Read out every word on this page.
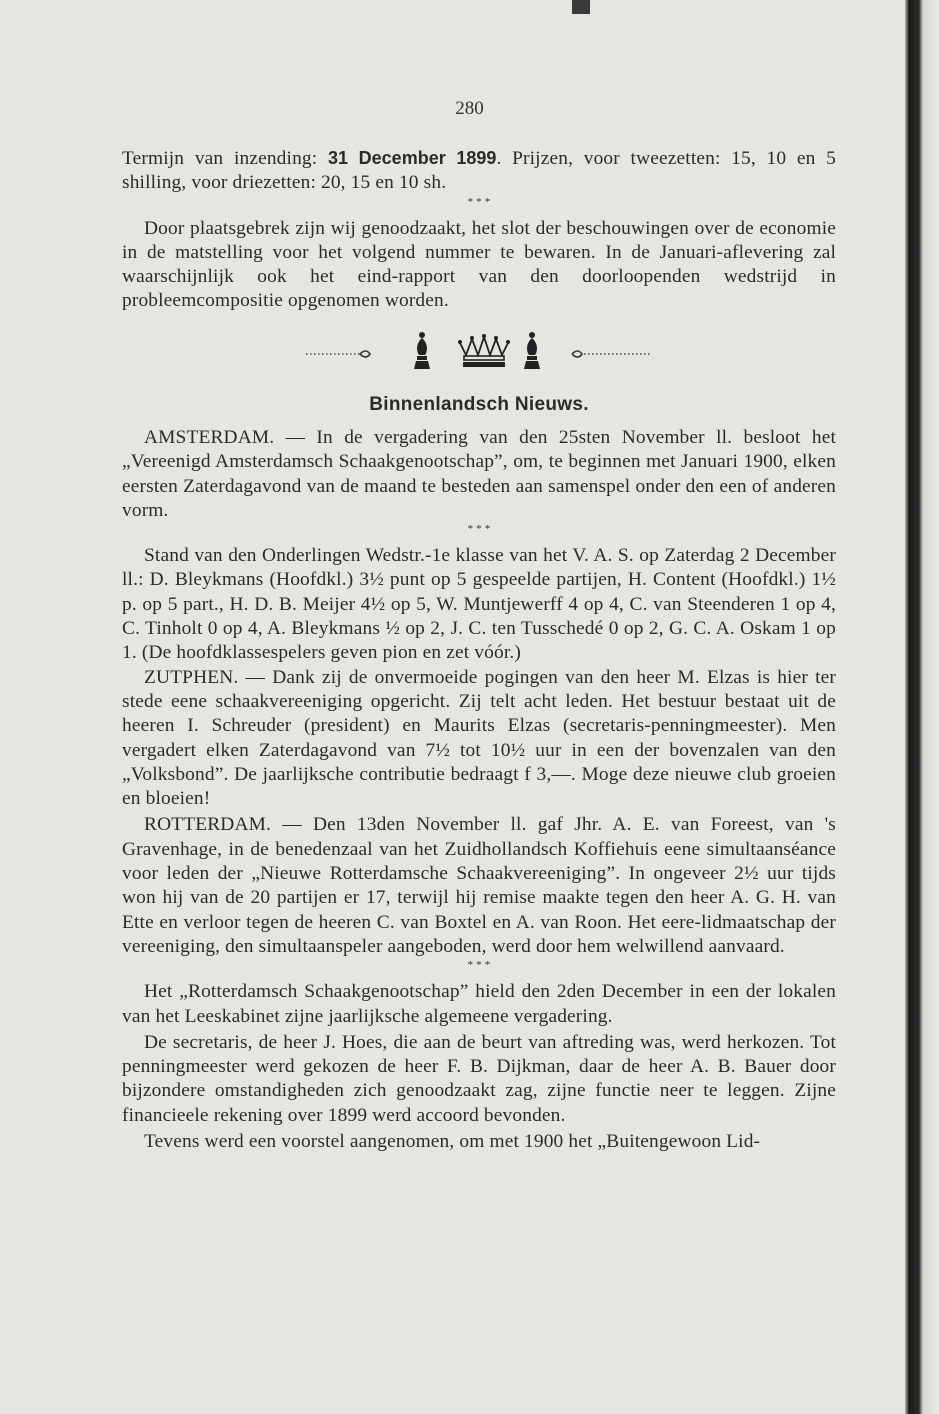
280

Termijn van inzending: 31 December 1899. Prijzen, voor tweezetten: 15, 10 en 5 shilling, voor driezetten: 20, 15 en 10 sh.

* * *

Door plaatsgebrek zijn wij genoodzaakt, het slot der beschouwingen over de economie in de matstelling voor het volgend nummer te bewaren. In de Januari-aflevering zal waarschijnlijk ook het eind-rapport van den doorloopenden wedstrijd in probleemcompositie opgenomen worden.

Binnenlandsch Nieuws.

AMSTERDAM. — In de vergadering van den 25sten November ll. besloot het „Vereenigd Amsterdamsch Schaakgenootschap”, om, te beginnen met Januari 1900, elken eersten Zaterdagavond van de maand te besteden aan samenspel onder den een of anderen vorm.

* * *

Stand van den Onderlingen Wedstr.-1e klasse van het V. A. S. op Zaterdag 2 December ll.: D. Bleykmans (Hoofdkl.) 3½ punt op 5 gespeelde partijen, H. Content (Hoofdkl.) 1½ p. op 5 part., H. D. B. Meijer 4½ op 5, W. Muntjewerff 4 op 4, C. van Steenderen 1 op 4, C. Tinholt 0 op 4, A. Bleykmans ½ op 2, J. C. ten Tusschedé 0 op 2, G. C. A. Oskam 1 op 1. (De hoofdklassespelers geven pion en zet vóór.)

ZUTPHEN. — Dank zij de onvermoeide pogingen van den heer M. Elzas is hier ter stede eene schaakvereeniging opgericht. Zij telt acht leden. Het bestuur bestaat uit de heeren I. Schreuder (president) en Maurits Elzas (secretaris-penningmeester). Men vergadert elken Zaterdagavond van 7½ tot 10½ uur in een der bovenzalen van den „Volksbond”. De jaarlijksche contributie bedraagt f 3,—. Moge deze nieuwe club groeien en bloeien!

ROTTERDAM. — Den 13den November ll. gaf Jhr. A. E. van Foreest, van 's Gravenhage, in de benedenzaal van het Zuidhollandsch Koffiehuis eene simultaanséance voor leden der „Nieuwe Rotterdamsche Schaakvereeniging”. In ongeveer 2½ uur tijds won hij van de 20 partijen er 17, terwijl hij remise maakte tegen den heer A. G. H. van Ette en verloor tegen de heeren C. van Boxtel en A. van Roon. Het eere-lidmaatschap der vereeniging, den simultaanspeler aangeboden, werd door hem welwillend aanvaard.

* * *

Het „Rotterdamsch Schaakgenootschap” hield den 2den December in een der lokalen van het Leeskabinet zijne jaarlijksche algemeene vergadering.

De secretaris, de heer J. Hoes, die aan de beurt van aftreding was, werd herkozen. Tot penningmeester werd gekozen de heer F. B. Dijkman, daar de heer A. B. Bauer door bijzondere omstandigheden zich genoodzaakt zag, zijne functie neer te leggen. Zijne financieele rekening over 1899 werd accoord bevonden.

Tevens werd een voorstel aangenomen, om met 1900 het „Buitengewoon Lid-
